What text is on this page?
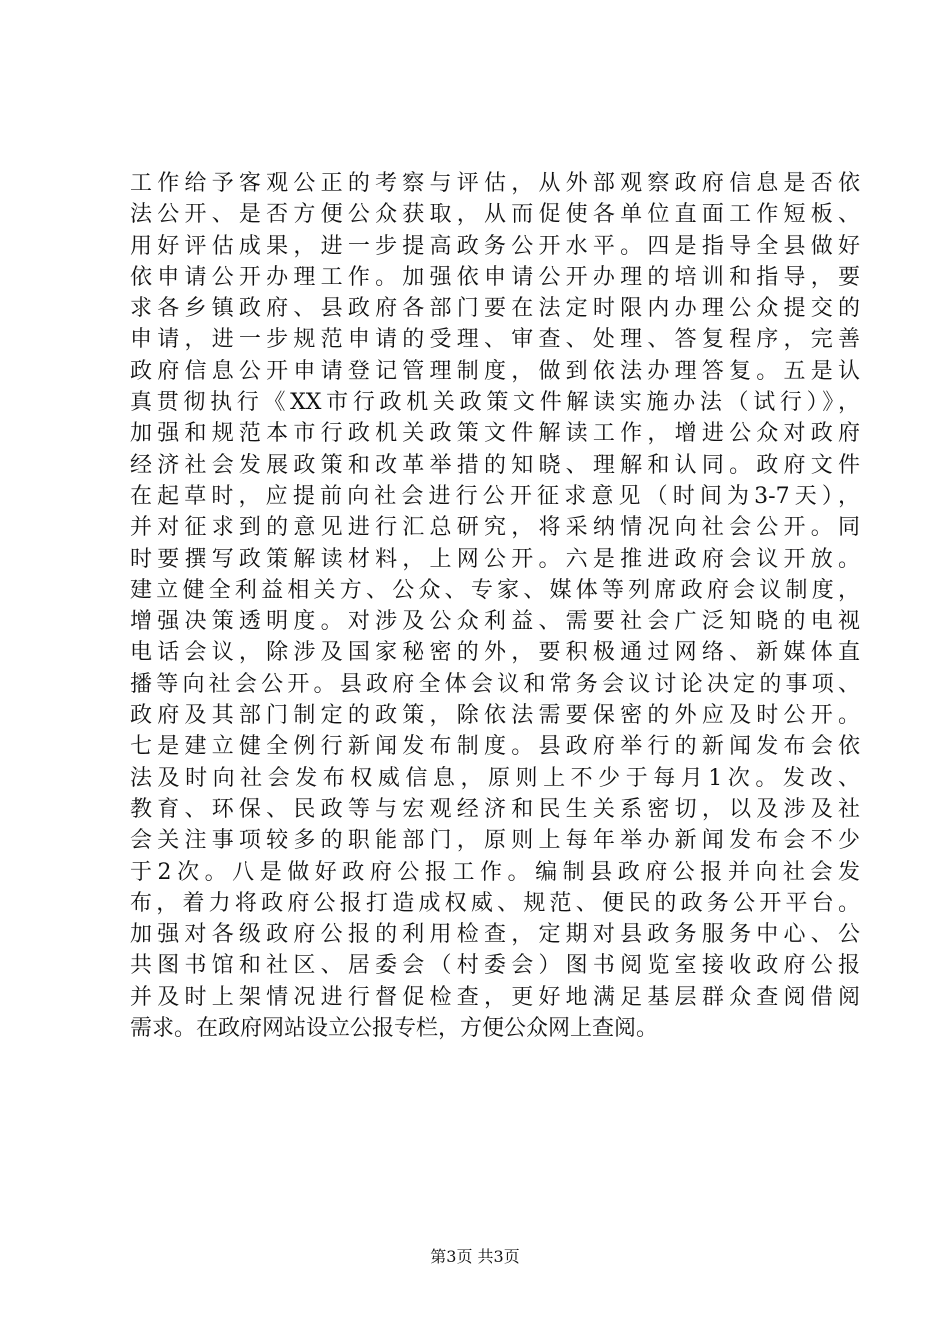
工作给予客观公正的考察与评估，从外部观察政府信息是否依
法公开、是否方便公众获取，从而促使各单位直面工作短板、
用好评估成果，进一步提高政务公开水平。四是指导全县做好
依申请公开办理工作。加强依申请公开办理的培训和指导，要
求各乡镇政府、县政府各部门要在法定时限内办理公众提交的
申请，进一步规范申请的受理、审查、处理、答复程序，完善
政府信息公开申请登记管理制度，做到依法办理答复。五是认
真贯彻执行《XX市行政机关政策文件解读实施办法（试行）》，
加强和规范本市行政机关政策文件解读工作，增进公众对政府
经济社会发展政策和改革举措的知晓、理解和认同。政府文件
在起草时，应提前向社会进行公开征求意见（时间为3-7天），
并对征求到的意见进行汇总研究，将采纳情况向社会公开。同
时要撰写政策解读材料，上网公开。六是推进政府会议开放。
建立健全利益相关方、公众、专家、媒体等列席政府会议制度，
增强决策透明度。对涉及公众利益、需要社会广泛知晓的电视
电话会议，除涉及国家秘密的外，要积极通过网络、新媒体直
播等向社会公开。县政府全体会议和常务会议讨论决定的事项、
政府及其部门制定的政策，除依法需要保密的外应及时公开。
七是建立健全例行新闻发布制度。县政府举行的新闻发布会依
法及时向社会发布权威信息，原则上不少于每月1次。发改、
教育、环保、民政等与宏观经济和民生关系密切，以及涉及社
会关注事项较多的职能部门，原则上每年举办新闻发布会不少
于2次。八是做好政府公报工作。编制县政府公报并向社会发
布，着力将政府公报打造成权威、规范、便民的政务公开平台。
加强对各级政府公报的利用检查，定期对县政务服务中心、公
共图书馆和社区、居委会（村委会）图书阅览室接收政府公报
并及时上架情况进行督促检查，更好地满足基层群众查阅借阅
需求。在政府网站设立公报专栏，方便公众网上查阅。
第3页 共3页
